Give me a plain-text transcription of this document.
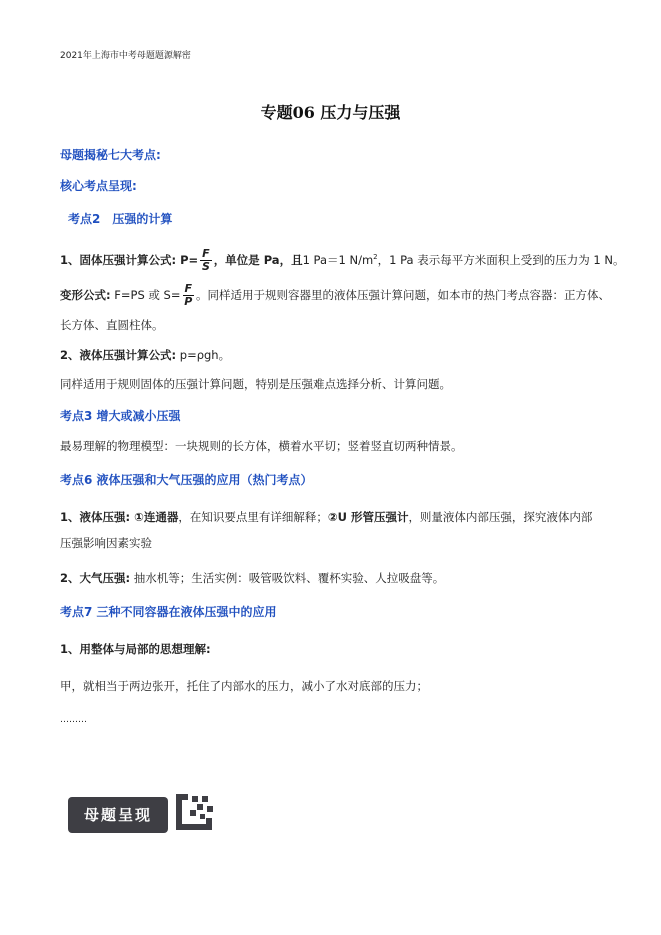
2021年上海市中考母题题源解密
专题06 压力与压强
母题揭秘七大考点:
核心考点呈现:
考点2　压强的计算
1、固体压强计算公式: $P= \frac{F}{S}$ ，单位是 Pa，且1 Pa＝1 $N/m^2$，1 Pa 表示每平方米面积上受到的压力为 1 N。
变形公式: F=PS 或 $S= \frac{F}{P}$ 。同样适用于规则容器里的液体压强计算问题，如本市的热门考点容器：正方体、
长方体、直圆柱体。
2、液体压强计算公式: p=ρgh。
同样适用于规则固体的压强计算问题，特别是压强难点选择分析、计算问题。
考点3 增大或减小压强
最易理解的物理模型：一块规则的长方体，横着水平切；竖着竖直切两种情景。
考点6 液体压强和大气压强的应用（热门考点）
1、液体压强: ①连通器，在知识要点里有详细解释；②U 形管压强计，则量液体内部压强，探究液体内部
压强影响因素实验
2、大气压强: 抽水机等；生活实例：吸管吸饮料、覆杯实验、人拉吸盘等。
考点7 三种不同容器在液体压强中的应用
1、用整体与局部的思想理解:
甲，就相当于两边张开，托住了内部水的压力，减小了水对底部的压力；
………
母题呈现
